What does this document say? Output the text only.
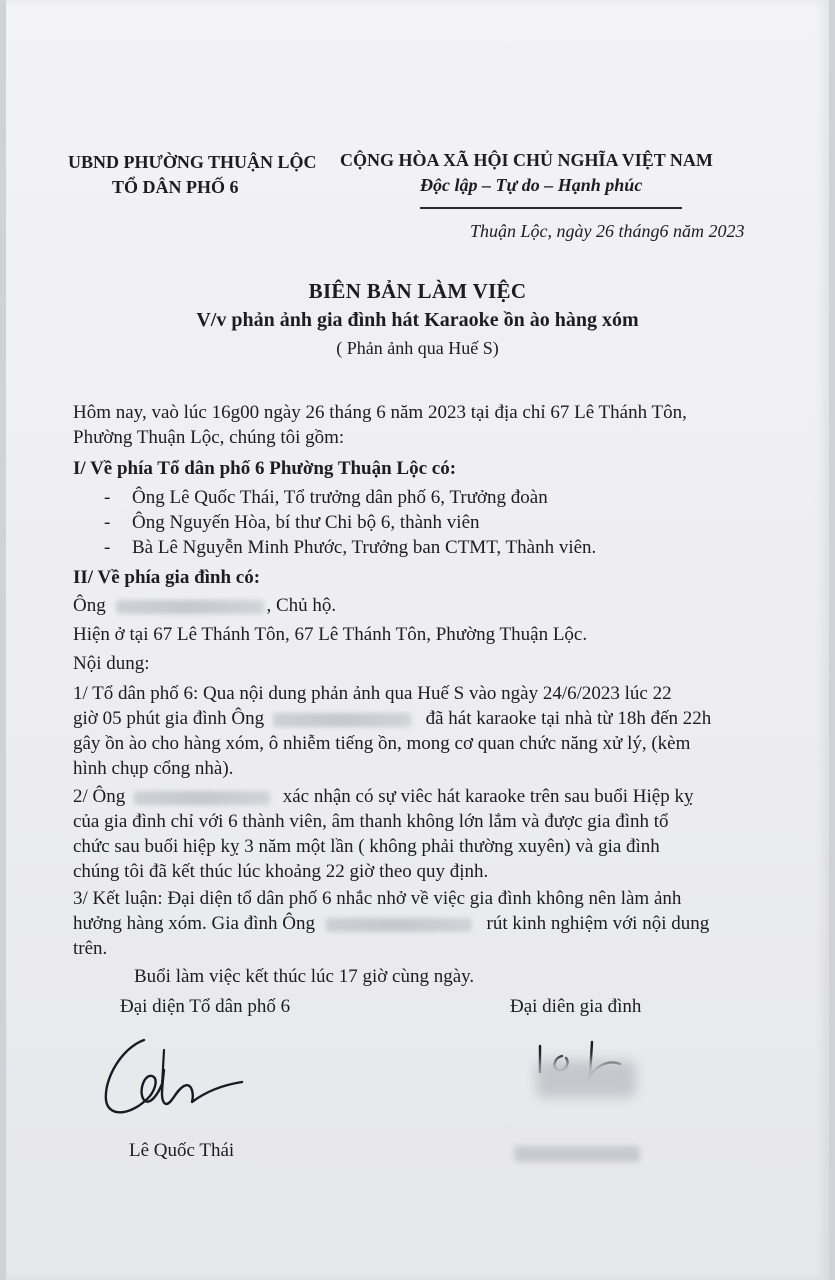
UBND PHƯỜNG THUẬN LỘC
TỔ DÂN PHỐ 6
CỘNG HÒA XÃ HỘI CHỦ NGHĨA VIỆT NAM
Độc lập – Tự do – Hạnh phúc
Thuận Lộc, ngày 26 tháng6 năm 2023
BIÊN BẢN LÀM VIỆC
V/v phản ảnh gia đình hát Karaoke ồn ào hàng xóm
( Phản ảnh qua Huế S)
Hôm nay, vaò lúc 16g00 ngày 26 tháng 6 năm 2023 tại địa chỉ 67 Lê Thánh Tôn,
Phường Thuận Lộc, chúng tôi gồm:
I/ Về phía Tổ dân phố 6 Phường Thuận Lộc có:
- Ông Lê Quốc Thái, Tổ trưởng dân phố 6, Trưởng đoàn
- Ông Nguyến Hòa, bí thư Chi bộ 6, thành viên
- Bà Lê Nguyễn Minh Phước, Trưởng ban CTMT, Thành viên.
II/ Về phía gia đình có:
Ông	, Chủ hộ.
Hiện ở tại 67 Lê Thánh Tôn, 67 Lê Thánh Tôn, Phường Thuận Lộc.
Nội dung:
1/ Tổ dân phố 6: Qua nội dung phản ảnh qua Huế S vào ngày 24/6/2023 lúc 22
giờ 05 phút gia đình Ông	đã hát karaoke tại nhà từ 18h đến 22h
gây ồn ào cho hàng xóm, ô nhiễm tiếng ồn, mong cơ quan chức năng xử lý, (kèm
hình chụp cổng nhà).
2/ Ông	xác nhận có sự viêc hát karaoke trên sau buổi Hiệp kỵ
của gia đình chỉ với 6 thành viên, âm thanh không lớn lắm và được gia đình tổ
chức sau buổi hiệp kỵ 3 năm một lần ( không phải thường xuyên) và gia đình
chúng tôi đã kết thúc lúc khoảng 22 giờ theo quy định.
3/ Kết luận: Đại diện tổ dân phố 6 nhắc nhở về việc gia đình không nên làm ảnh
hưởng hàng xóm. Gia đình Ông	rút kinh nghiệm với nội dung
trên.
Buổi làm việc kết thúc lúc 17 giờ cùng ngày.
Đại diện Tổ dân phố 6	Đại diên gia đình
Lê Quốc Thái
